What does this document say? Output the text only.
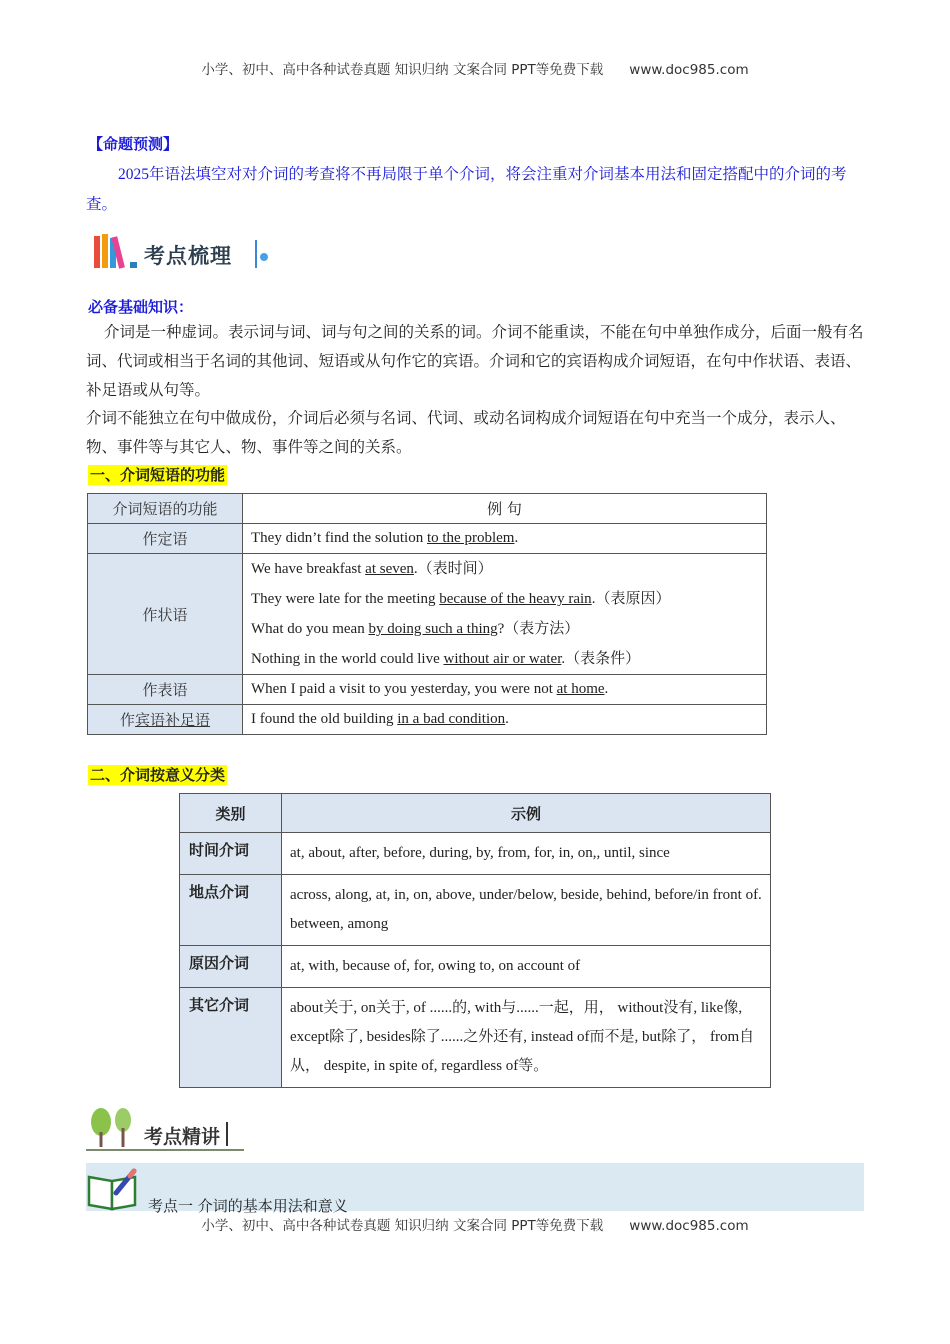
小学、初中、高中各种试卷真题 知识归纳 文案合同 PPT等免费下载 www.doc985.com
【命题预测】
2025年语法填空对对介词的考查将不再局限于单个介词，将会注重对介词基本用法和固定搭配中的介词的考查。
考点梳理
必备基础知识：
介词是一种虚词。表示词与词、词与句之间的关系的词。介词不能重读，不能在句中单独作成分，后面一般有名词、代词或相当于名词的其他词、短语或从句作它的宾语。介词和它的宾语构成介词短语，在句中作状语、表语、补足语或从句等。
介词不能独立在句中做成份，介词后必须与名词、代词、或动名词构成介词短语在句中充当一个成分，表示人、物、事件等与其它人、物、事件等之间的关系。
一、介词短语的功能
介词短语的功能	例 句
作定语	They didn’t find the solution to the problem.
作状语	We have breakfast at seven.（表时间）
They were late for the meeting because of the heavy rain.（表原因）
What do you mean by doing such a thing?（表方法）
Nothing in the world could live without air or water.（表条件）

作表语	When I paid a visit to you yesterday, you were not at home.
作宾语补足语	I found the old building in a bad condition.
二、介词按意义分类
类别	示例
时间介词	at, about, after, before, during, by, from, for, in, on,, until, since
地点介词	across, along, at, in, on, above, under/below, beside, behind, before/in front of. between, among
原因介词	at, with, because of, for, owing to, on account of
其它介词	about关于, on关于, of ......的, with与......一起，用， without没有, like像, except除了, besides除了......之外还有, instead of而不是, but除了， from自从， despite, in spite of, regardless of等。
考点精讲
考点一 介词的基本用法和意义
小学、初中、高中各种试卷真题 知识归纳 文案合同 PPT等免费下载 www.doc985.com
